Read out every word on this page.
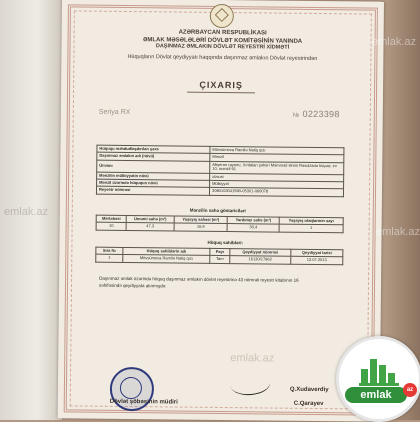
emlak.az
AZƏRBAYCAN RESPUBLİKASI
ƏMLAK MƏSƏLƏLƏRİ DÖVLƏT KOMİTƏSİNİN YANINDA
DAŞINMAZ ƏMLAKIN DÖVLƏT REYESTRİ XİDMƏTİ
Hüquqların Dövlət qeydiyyatı haqqında daşınmaz əmlakın Dövlət reyestrindən
ÇIXARIŞ
Seriya RX	№ 0223398
Hüququ məhdudlaşdırılan şəxs	Mövsümova Ramilə Natiq qızı
Daşınmaz əmlakın adı (növü)	Mənzil
Ünvanı	Abşeron rayonu, Xırdalan şəhəri Məmməd Əmin Rəsulzadə küçəsi, ev 10, mənzil 91
Mənzilin mülkiyyətin növü	xüsusi
Mənzil üzərində hüququn növü	Mülkiyyət
Reyestr nömrəsi	3080103041590-05301-060078
Mənzilin sahə göstəriciləri
Mərtəbəsi	Ümumi sahə (m²)	Yaşayış sahəsi (m²)	Yardımçı sahə (m²)	Yaşayış otaqlarının sayı
10	47,3	16,9	30,4	1
Hüquq sahibləri:
Sıra №	Hüquq sahiblərin adı	Payı	Qeydiyyat nömrəsi	Qeydiyyat tarixi
1	Mövsümova Ramilə Natiq qızı	Tam	16130/17962	13.07.2013
Daşınmaz əmlak üzərində hüquq daşınmaz əmlakın dövlət reyestrinə 43 nömrəli reyestr kitabının 16
səhifəsində qeydiyyata alınmışdır.
emlak.az
Dövlət şöbəsinin müdiri
Q.Xudaverdiy
C.Qarayev
emlak.az
emlak.az
emlak	az
